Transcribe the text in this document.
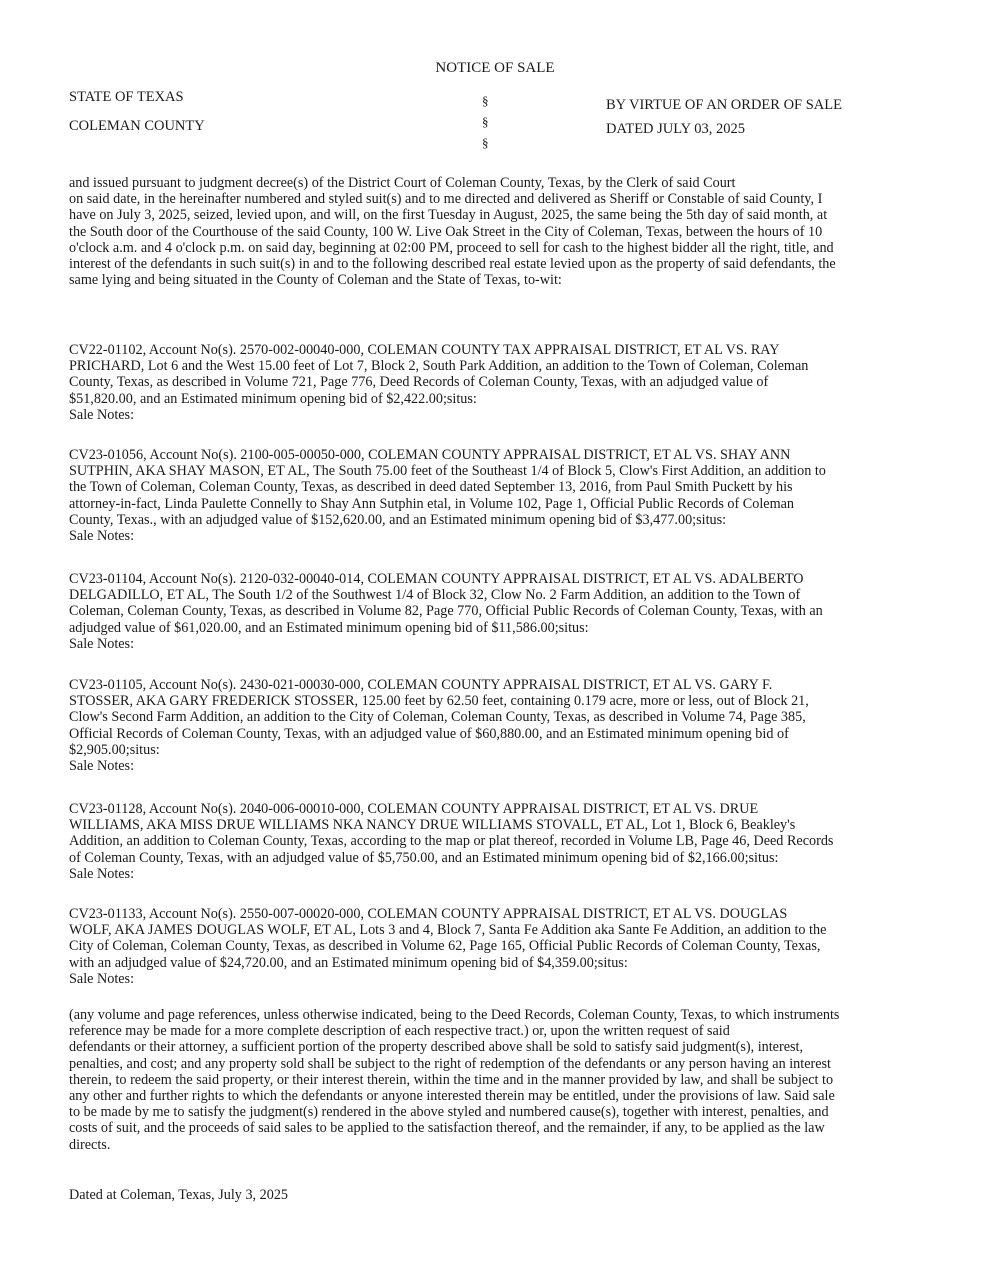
NOTICE OF SALE
STATE OF TEXAS
COLEMAN COUNTY
§
§
§
BY VIRTUE OF AN ORDER OF SALE
DATED JULY 03, 2025
and issued pursuant to judgment decree(s) of the District Court of Coleman County, Texas, by the Clerk of said Court
on said date, in the hereinafter numbered and styled suit(s) and to me directed and delivered as Sheriff or Constable of said County, I
have on July 3, 2025, seized, levied upon, and will, on the first Tuesday in August, 2025, the same being the 5th day of said month, at
the South door of the Courthouse of the said County, 100 W. Live Oak Street in the City of Coleman, Texas, between the hours of 10
o'clock a.m. and 4 o'clock p.m. on said day, beginning at 02:00 PM, proceed to sell for cash to the highest bidder all the right, title, and
interest of the defendants in such suit(s) in and to the following described real estate levied upon as the property of said defendants, the
same lying and being situated in the County of Coleman and the State of Texas, to-wit:
CV22-01102, Account No(s). 2570-002-00040-000, COLEMAN COUNTY TAX APPRAISAL DISTRICT, ET AL VS. RAY
PRICHARD, Lot 6 and the West 15.00 feet of Lot 7, Block 2, South Park Addition, an addition to the Town of Coleman, Coleman
County, Texas, as described in Volume 721, Page 776, Deed Records of Coleman County, Texas, with an adjudged value of
$51,820.00, and an Estimated minimum opening bid of $2,422.00;situs:
Sale Notes:
CV23-01056, Account No(s). 2100-005-00050-000, COLEMAN COUNTY APPRAISAL DISTRICT, ET AL VS. SHAY ANN
SUTPHIN, AKA SHAY MASON, ET AL, The South 75.00 feet of the Southeast 1/4 of Block 5, Clow's First Addition, an addition to
the Town of Coleman, Coleman County, Texas, as described in deed dated September 13, 2016, from Paul Smith Puckett by his
attorney-in-fact, Linda Paulette Connelly to Shay Ann Sutphin etal, in Volume 102, Page 1, Official Public Records of Coleman
County, Texas., with an adjudged value of $152,620.00, and an Estimated minimum opening bid of $3,477.00;situs:
Sale Notes:
CV23-01104, Account No(s). 2120-032-00040-014, COLEMAN COUNTY APPRAISAL DISTRICT, ET AL VS. ADALBERTO
DELGADILLO, ET AL, The South 1/2 of the Southwest 1/4 of Block 32, Clow No. 2 Farm Addition, an addition to the Town of
Coleman, Coleman County, Texas, as described in Volume 82, Page 770, Official Public Records of Coleman County, Texas, with an
adjudged value of $61,020.00, and an Estimated minimum opening bid of $11,586.00;situs:
Sale Notes:
CV23-01105, Account No(s). 2430-021-00030-000, COLEMAN COUNTY APPRAISAL DISTRICT, ET AL VS. GARY F.
STOSSER, AKA GARY FREDERICK STOSSER, 125.00 feet by 62.50 feet, containing 0.179 acre, more or less, out of Block 21,
Clow's Second Farm Addition, an addition to the City of Coleman, Coleman County, Texas, as described in Volume 74, Page 385,
Official Records of Coleman County, Texas, with an adjudged value of $60,880.00, and an Estimated minimum opening bid of
$2,905.00;situs:
Sale Notes:
CV23-01128, Account No(s). 2040-006-00010-000, COLEMAN COUNTY APPRAISAL DISTRICT, ET AL VS. DRUE
WILLIAMS, AKA MISS DRUE WILLIAMS NKA NANCY DRUE WILLIAMS STOVALL, ET AL, Lot 1, Block 6, Beakley's
Addition, an addition to Coleman County, Texas, according to the map or plat thereof, recorded in Volume LB, Page 46, Deed Records
of Coleman County, Texas, with an adjudged value of $5,750.00, and an Estimated minimum opening bid of $2,166.00;situs:
Sale Notes:
CV23-01133, Account No(s). 2550-007-00020-000, COLEMAN COUNTY APPRAISAL DISTRICT, ET AL VS. DOUGLAS
WOLF, AKA JAMES DOUGLAS WOLF, ET AL, Lots 3 and 4, Block 7, Santa Fe Addition aka Sante Fe Addition, an addition to the
City of Coleman, Coleman County, Texas, as described in Volume 62, Page 165, Official Public Records of Coleman County, Texas,
with an adjudged value of $24,720.00, and an Estimated minimum opening bid of $4,359.00;situs:
Sale Notes:
(any volume and page references, unless otherwise indicated, being to the Deed Records, Coleman County, Texas, to which instruments
reference may be made for a more complete description of each respective tract.) or, upon the written request of said
defendants or their attorney, a sufficient portion of the property described above shall be sold to satisfy said judgment(s), interest,
penalties, and cost; and any property sold shall be subject to the right of redemption of the defendants or any person having an interest
therein, to redeem the said property, or their interest therein, within the time and in the manner provided by law, and shall be subject to
any other and further rights to which the defendants or anyone interested therein may be entitled, under the provisions of law. Said sale
to be made by me to satisfy the judgment(s) rendered in the above styled and numbered cause(s), together with interest, penalties, and
costs of suit, and the proceeds of said sales to be applied to the satisfaction thereof, and the remainder, if any, to be applied as the law
directs.
Dated at Coleman, Texas, July 3, 2025
